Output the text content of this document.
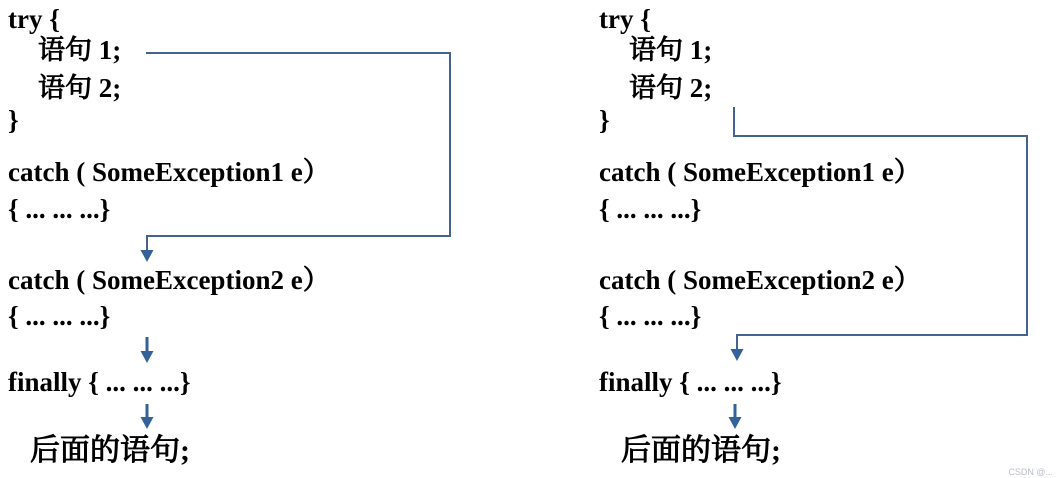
try {
语句 1;
语句 2;
}
catch ( SomeException1 e）
{ ... ... ...}
catch ( SomeException2 e）
{ ... ... ...}
finally { ... ... ...}
后面的语句;
try {
语句 1;
语句 2;
}
catch ( SomeException1 e）
{ ... ... ...}
catch ( SomeException2 e）
{ ... ... ...}
finally { ... ... ...}
后面的语句;
CSDN @...
